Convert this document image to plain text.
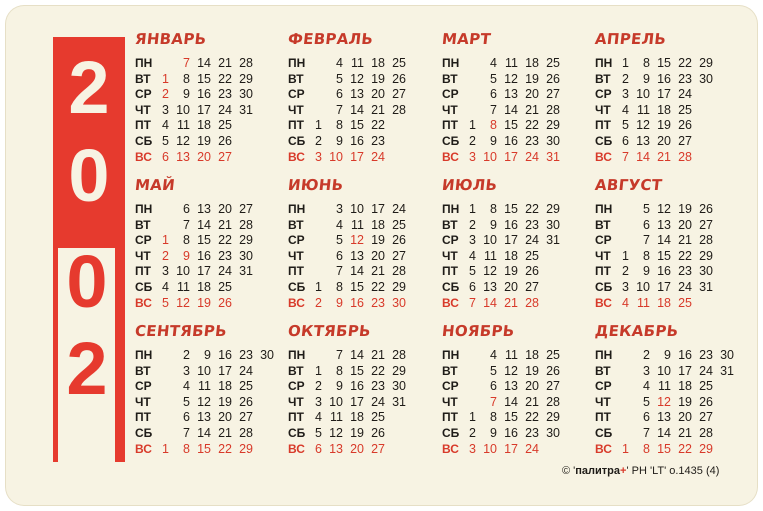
2
0
0
2
ЯНВАРЬ
ПН	7 14 21 28
ВТ 1	8 15 22 29
СР 2	9 16 23 30
ЧТ 3 10 17 24 31
ПТ 4 11 18 25
СБ 5 12 19 26
ВС 6 13 20 27
ФЕВРАЛЬ
ПН	4 11 18 25
ВТ	5 12 19 26
СР	6 13 20 27
ЧТ	7 14 21 28
ПТ 1	8 15 22
СБ 2	9 16 23
ВС 3 10 17 24
МАРТ
ПН	4 11 18 25
ВТ	5 12 19 26
СР	6 13 20 27
ЧТ	7 14 21 28
ПТ 1	8 15 22 29
СБ 2	9 16 23 30
ВС 3 10 17 24 31
АПРЕЛЬ
ПН 1	8 15 22 29
ВТ 2	9 16 23 30
СР 3 10 17 24
ЧТ 4 11 18 25
ПТ 5 12 19 26
СБ 6 13 20 27
ВС 7 14 21 28
МАЙ
ПН	6 13 20 27
ВТ	7 14 21 28
СР 1	8 15 22 29
ЧТ 2	9 16 23 30
ПТ 3 10 17 24 31
СБ 4 11 18 25
ВС 5 12 19 26
ИЮНЬ
ПН	3 10 17 24
ВТ	4 11 18 25
СР	5 12 19 26
ЧТ	6 13 20 27
ПТ	7 14 21 28
СБ 1	8 15 22 29
ВС 2	9 16 23 30
ИЮЛЬ
ПН 1	8 15 22 29
ВТ 2	9 16 23 30
СР 3 10 17 24 31
ЧТ 4 11 18 25
ПТ 5 12 19 26
СБ 6 13 20 27
ВС 7 14 21 28
АВГУСТ
ПН	5 12 19 26
ВТ	6 13 20 27
СР	7 14 21 28
ЧТ 1	8 15 22 29
ПТ 2	9 16 23 30
СБ 3 10 17 24 31
ВС 4 11 18 25
СЕНТЯБРЬ
ПН	2	9 16 23 30
ВТ	3 10 17 24
СР	4 11 18 25
ЧТ	5 12 19 26
ПТ	6 13 20 27
СБ	7 14 21 28
ВС 1	8 15 22 29
ОКТЯБРЬ
ПН	7 14 21 28
ВТ 1	8 15 22 29
СР 2	9 16 23 30
ЧТ 3 10 17 24 31
ПТ 4 11 18 25
СБ 5 12 19 26
ВС 6 13 20 27
НОЯБРЬ
ПН	4 11 18 25
ВТ	5 12 19 26
СР	6 13 20 27
ЧТ	7 14 21 28
ПТ 1	8 15 22 29
СБ 2	9 16 23 30
ВС 3 10 17 24
ДЕКАБРЬ
ПН	2	9 16 23 30
ВТ	3 10 17 24 31
СР	4 11 18 25
ЧТ	5 12 19 26
ПТ	6 13 20 27
СБ	7 14 21 28
ВС 1	8 15 22 29
© 'палитра+' РН 'LT' о.1435 (4)
